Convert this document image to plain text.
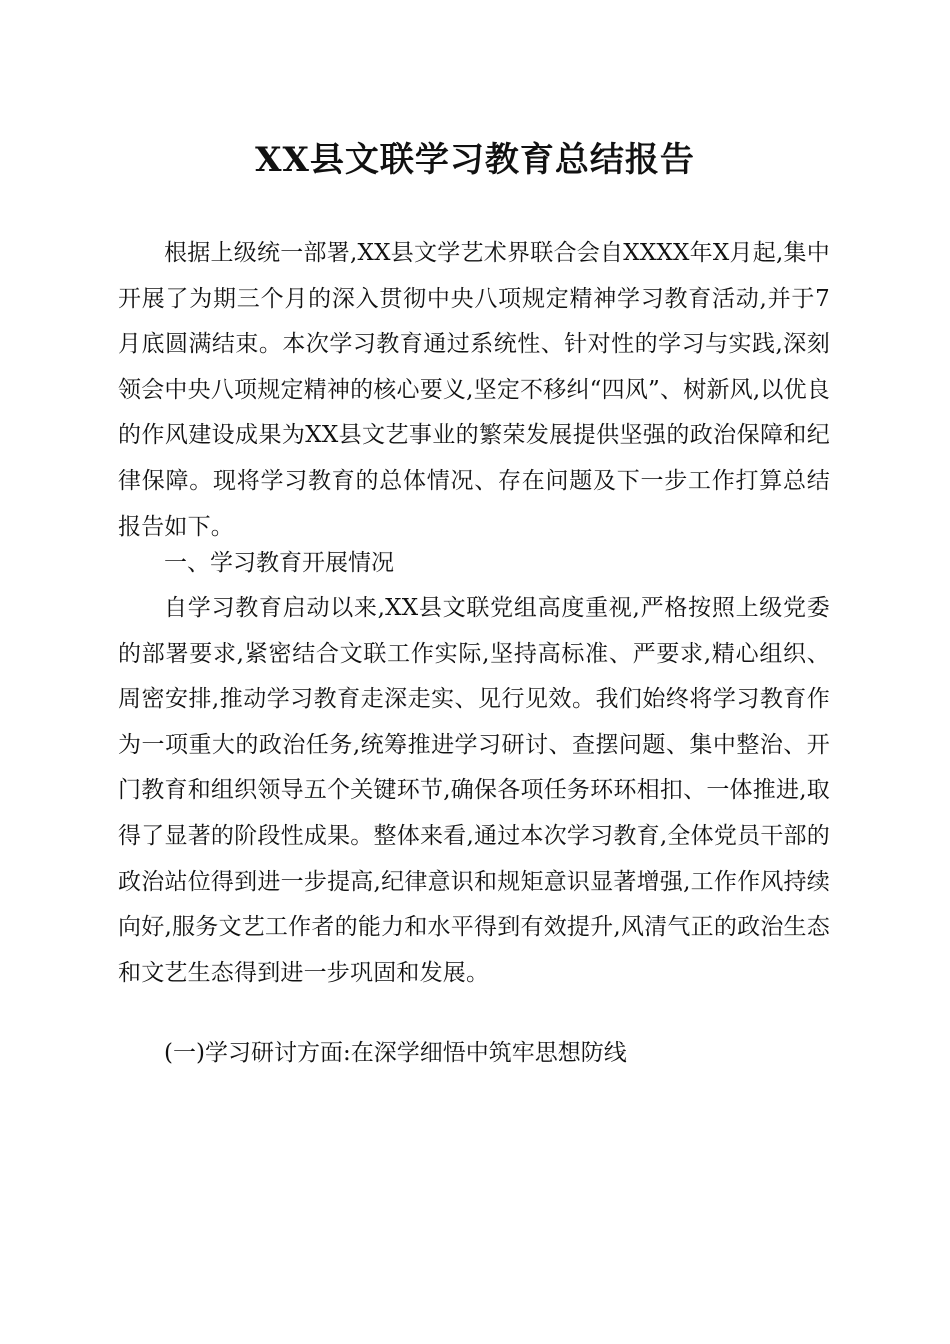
XX县文联学习教育总结报告

根据上级统一部署,XX县文学艺术界联合会自XXXX年X月起,集中开展了为期三个月的深入贯彻中央八项规定精神学习教育活动,并于7月底圆满结束。本次学习教育通过系统性、针对性的学习与实践,深刻领会中央八项规定精神的核心要义,坚定不移纠“四风”、树新风,以优良的作风建设成果为XX县文艺事业的繁荣发展提供坚强的政治保障和纪律保障。现将学习教育的总体情况、存在问题及下一步工作打算总结报告如下。

一、学习教育开展情况

自学习教育启动以来,XX县文联党组高度重视,严格按照上级党委的部署要求,紧密结合文联工作实际,坚持高标准、严要求,精心组织、周密安排,推动学习教育走深走实、见行见效。我们始终将学习教育作为一项重大的政治任务,统筹推进学习研讨、查摆问题、集中整治、开门教育和组织领导五个关键环节,确保各项任务环环相扣、一体推进,取得了显著的阶段性成果。整体来看,通过本次学习教育,全体党员干部的政治站位得到进一步提高,纪律意识和规矩意识显著增强,工作作风持续向好,服务文艺工作者的能力和水平得到有效提升,风清气正的政治生态和文艺生态得到进一步巩固和发展。

(一)学习研讨方面:在深学细悟中筑牢思想防线
